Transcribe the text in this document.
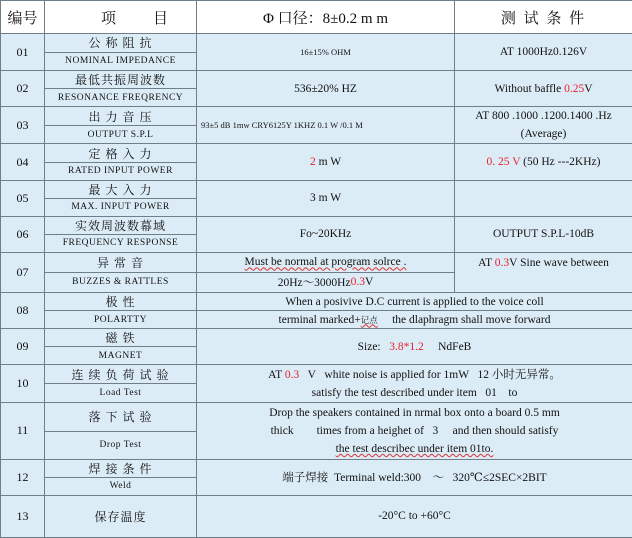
编号	项 目	Φ 口径：8±0.2 m m	测 试 条 件
01	公 称 阻 抗
NOMINAL IMPEDANCE	16±15% OHM	AT 1000Hz0.126V
02	最低共振周波数
RESONANCE FREQRENCY	536±20% HZ	Without baffle 0.25V
03	出 力 音 压
OUTPUT S.P.L	93±5 dB 1mw CRY6125Y 1KHZ 0.1 W /0.1 M	AT 800 .1000 .1200.1400 .Hz
(Average)

04	定 格 入 力
RATED INPUT POWER	2 m W	0. 25 V (50 Hz ---2KHz)
05	最 大 入 力
MAX. INPUT POWER	3 m W	
06	实效周波数幕域
FREQUENCY RESPONSE	Fo~20KHz	OUTPUT S.P.L-10dB
07	异 常 音
BUZZES & RATTLES	Must be normal at program solrce .
20Hz～3000Hz 0.3 V	AT 0.3V Sine wave between
08	极 性
POLARTTY	When a posivive D.C current is applied to the voice coll
terminal marked+ 记点 the dlaphragm shall move forward	

09	磁 铁
MAGNET	Size:   3.8*1.2     NdFeB	
10	连 续 负 荷 试 验
Load Test	AT 0.3   V   white noise is applied for 1mW   12 小时无异常。
satisfy the test described under item   01    to	

11	落 下 试 验
Drop Test	Drop the speakers contained in nrmal box onto a board 0.5 mm
thick        times from a heighet of   3     and then should satisfy
the test describec under item 01to.	

12	焊 接 条 件
Weld	端子焊接  Terminal weld:300    ～   320℃≤2SEC×2BIT	
13	保存温度	-20°C to +60°C	
